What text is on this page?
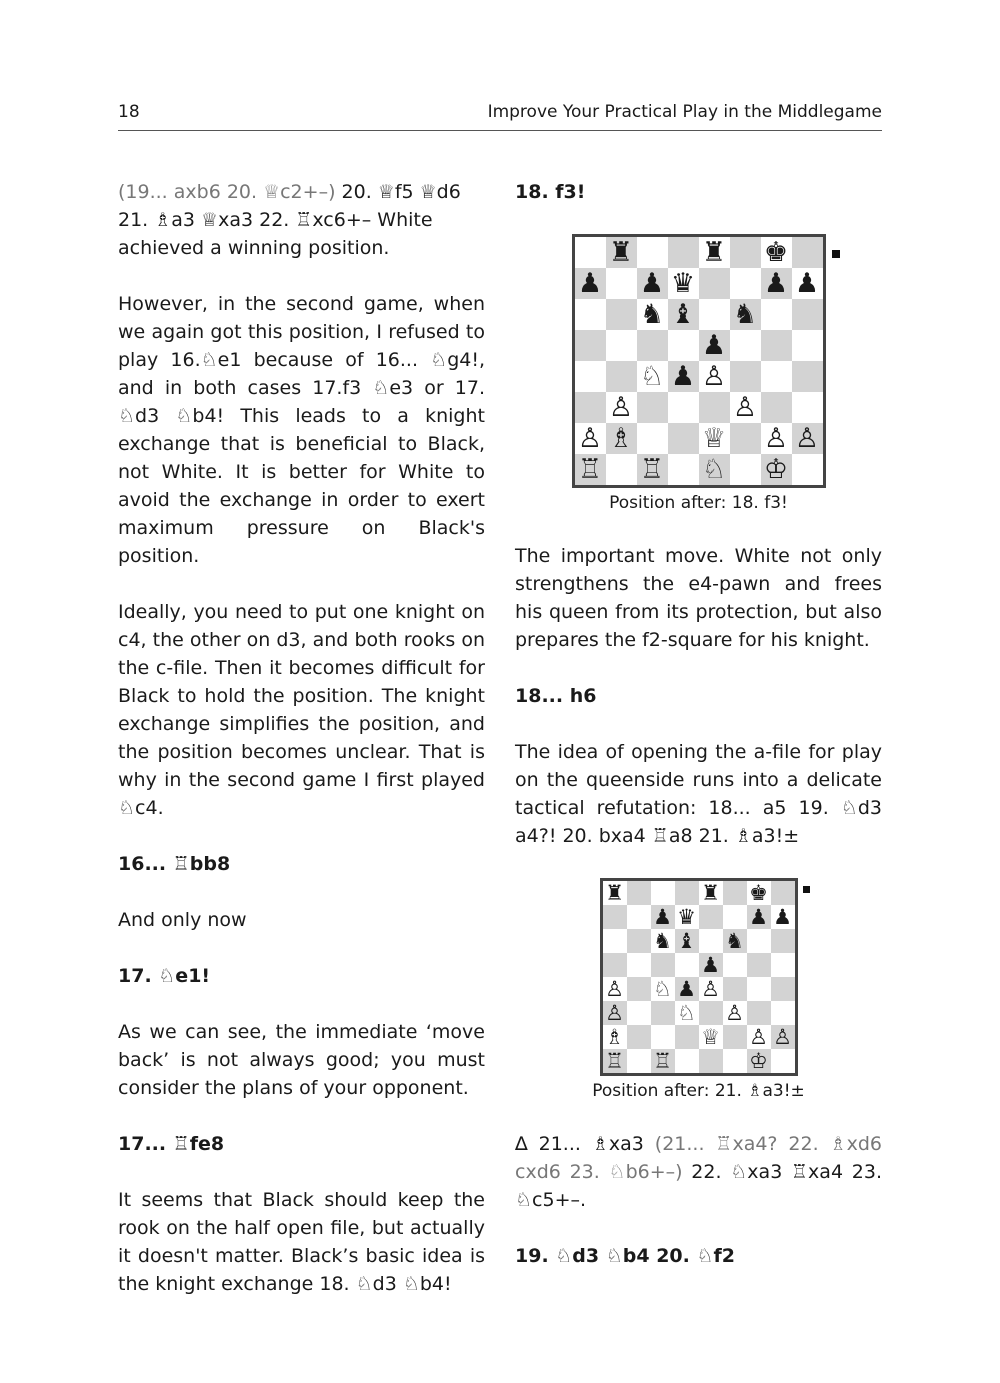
18	Improve Your Practical Play in the Middlegame

(19... axb6 20. ♕c2+–) 20. ♕f5 ♕d6 21. ♗a3 ♕xa3 22. ♖xc6+– White achieved a winning position.

However, in the second game, when we again got this position, I refused to play 16.♘e1 because of 16... ♘g4!, and in both cases 17.f3 ♘e3 or 17. ♘d3 ♘b4! This leads to a knight exchange that is beneficial to Black, not White. It is better for White to avoid the exchange in order to exert maximum pressure on Black's position.

Ideally, you need to put one knight on c4, the other on d3, and both rooks on the c-file. Then it becomes difficult for Black to hold the position. The knight exchange simplifies the position, and the position becomes unclear. That is why in the second game I first played ♘c4.

16... ♖bb8

And only now

17. ♘e1!

As we can see, the immediate ‘move back’ is not always good; you must consider the plans of your opponent.

17... ♖fe8

It seems that Black should keep the rook on the half open file, but actually it doesn't matter. Black’s basic idea is the knight exchange 18. ♘d3 ♘b4!

18. f3!

♜	♜ ♚
♟ ♟ ♛	♟ ♟
♞ ♝ ♞
♟
♘ ♟ ♙
♙	♙
♙ ♗	♕ ♙ ♙
♖ ♖ ♘ ♔
Position after: 18. f3!

The important move. White not only strengthens the e4-pawn and frees his queen from its protection, but also prepares the f2-square for his knight.

18... h6

The idea of opening the a-file for play on the queenside runs into a delicate tactical refutation: 18... a5 19. ♘d3 a4?! 20. bxa4 ♖a8 21. ♗a3!±

♜	♜ ♚
♟ ♛	♟ ♟
♞ ♝ ♞
♟
♙ ♘ ♟ ♙
♙	♘ ♙
♗	♕ ♙ ♙
♖ ♖	♔
Position after: 21. ♗a3!±

∆ 21... ♗xa3 (21... ♖xa4? 22. ♗xd6 cxd6 23. ♘b6+–) 22. ♘xa3 ♖xa4 23. ♘c5+–.

19. ♘d3 ♘b4 20. ♘f2
